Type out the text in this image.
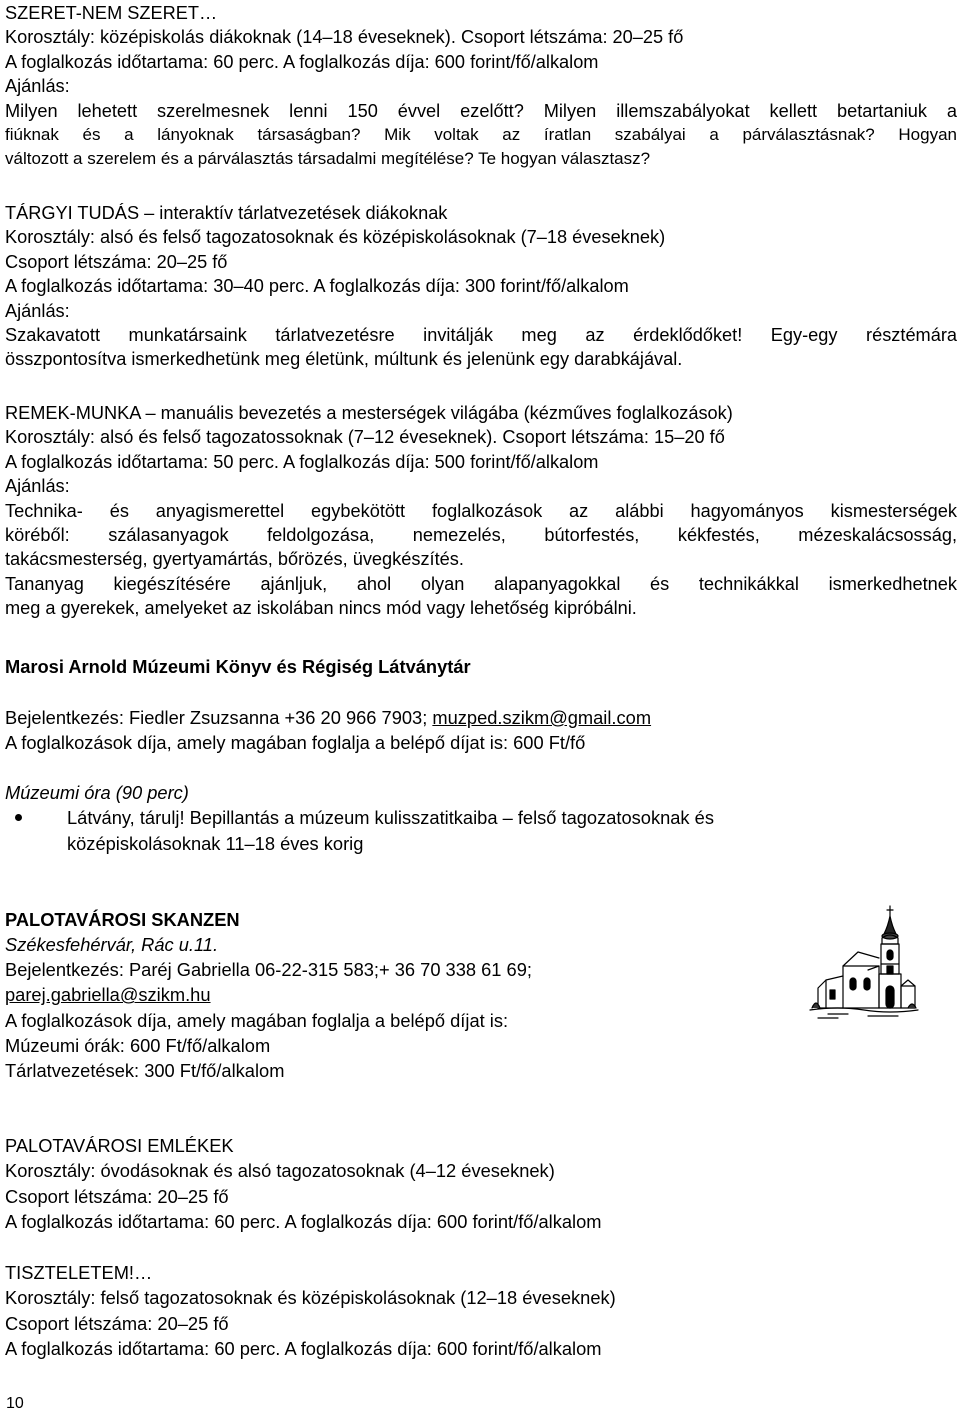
SZERET-NEM SZERET…
Korosztály: középiskolás diákoknak (14–18 éveseknek). Csoport létszáma: 20–25 fő
A foglalkozás időtartama: 60 perc. A foglalkozás díja: 600 forint/fő/alkalom
Ajánlás:
Milyen lehetett szerelmesnek lenni 150 évvel ezelőtt? Milyen illemszabályokat kellett betartaniuk a
fiúknak és a lányoknak társaságban? Mik voltak az íratlan szabályai a párválasztásnak? Hogyan
változott a szerelem és a párválasztás társadalmi megítélése? Te hogyan választasz?
TÁRGYI TUDÁS – interaktív tárlatvezetések diákoknak
Korosztály: alsó és felső tagozatosoknak és középiskolásoknak (7–18 éveseknek)
Csoport létszáma: 20–25 fő
A foglalkozás időtartama: 30–40 perc. A foglalkozás díja: 300 forint/fő/alkalom
Ajánlás:
Szakavatott munkatársaink tárlatvezetésre invitálják meg az érdeklődőket! Egy-egy résztémára
összpontosítva ismerkedhetünk meg életünk, múltunk és jelenünk egy darabkájával.
REMEK-MUNKA – manuális bevezetés a mesterségek világába (kézműves foglalkozások)
Korosztály: alsó és felső tagozatossoknak (7–12 éveseknek). Csoport létszáma: 15–20 fő
A foglalkozás időtartama: 50 perc. A foglalkozás díja: 500 forint/fő/alkalom
Ajánlás:
Technika- és anyagismerettel egybekötött foglalkozások az alábbi hagyományos kismesterségek
köréből: szálasanyagok feldolgozása, nemezelés, bútorfestés, kékfestés, mézeskalácsosság,
takácsmesterség, gyertyamártás, bőrözés, üvegkészítés.
Tananyag kiegészítésére ajánljuk, ahol olyan alapanyagokkal és technikákkal ismerkedhetnek
meg a gyerekek, amelyeket az iskolában nincs mód vagy lehetőség kipróbálni.
Marosi Arnold Múzeumi Könyv és Régiség Látványtár
Bejelentkezés: Fiedler Zsuzsanna +36 20 966 7903; muzped.szikm@gmail.com
A foglalkozások díja, amely magában foglalja a belépő díjat is: 600 Ft/fő
Múzeumi óra (90 perc)
Látvány, tárulj! Bepillantás a múzeum kulisszatitkaiba – felső tagozatosoknak és
középiskolásoknak 11–18 éves korig
PALOTAVÁROSI SKANZEN
Székesfehérvár, Rác u.11.
Bejelentkezés: Paréj Gabriella 06-22-315 583;+ 36 70 338 61 69;
parej.gabriella@szikm.hu
A foglalkozások díja, amely magában foglalja a belépő díjat is:
Múzeumi órák: 600 Ft/fő/alkalom
Tárlatvezetések: 300 Ft/fő/alkalom
PALOTAVÁROSI EMLÉKEK
Korosztály: óvodásoknak és alsó tagozatosoknak (4–12 éveseknek)
Csoport létszáma: 20–25 fő
A foglalkozás időtartama: 60 perc. A foglalkozás díja: 600 forint/fő/alkalom
TISZTELETEM!…
Korosztály: felső tagozatosoknak és középiskolásoknak (12–18 éveseknek)
Csoport létszáma: 20–25 fő
A foglalkozás időtartama: 60 perc. A foglalkozás díja: 600 forint/fő/alkalom
10
